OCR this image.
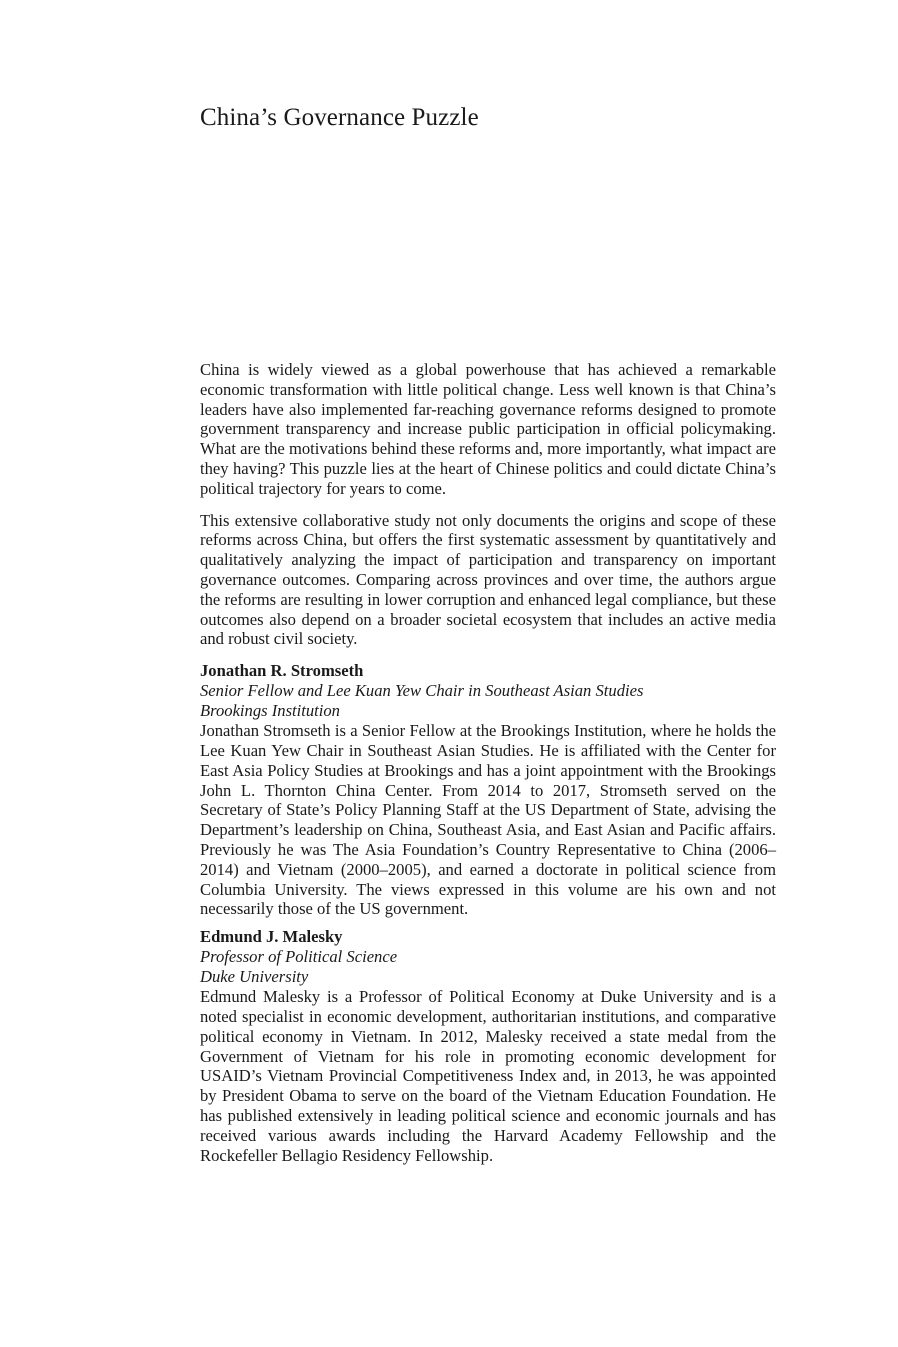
China’s Governance Puzzle

China is widely viewed as a global powerhouse that has achieved a remarkable economic transformation with little political change. Less well known is that China’s leaders have also implemented far-reaching governance reforms designed to promote government transparency and increase public participation in official policymaking. What are the motivations behind these reforms and, more importantly, what impact are they having? This puzzle lies at the heart of Chinese politics and could dictate China’s political trajectory for years to come.

This extensive collaborative study not only documents the origins and scope of these reforms across China, but offers the first systematic assessment by quantitatively and qualitatively analyzing the impact of participation and transparency on important governance outcomes. Comparing across provinces and over time, the authors argue the reforms are resulting in lower corruption and enhanced legal compliance, but these outcomes also depend on a broader societal ecosystem that includes an active media and robust civil society.

Jonathan R. Stromseth

Senior Fellow and Lee Kuan Yew Chair in Southeast Asian Studies

Brookings Institution

Jonathan Stromseth is a Senior Fellow at the Brookings Institution, where he holds the Lee Kuan Yew Chair in Southeast Asian Studies. He is affiliated with the Center for East Asia Policy Studies at Brookings and has a joint appointment with the Brookings John L. Thornton China Center. From 2014 to 2017, Stromseth served on the Secretary of State’s Policy Planning Staff at the US Department of State, advising the Department’s leadership on China, Southeast Asia, and East Asian and Pacific affairs. Previously he was The Asia Foundation’s Country Representative to China (2006–2014) and Vietnam (2000–2005), and earned a doctorate in political science from Columbia University. The views expressed in this volume are his own and not necessarily those of the US government.

Edmund J. Malesky

Professor of Political Science

Duke University

Edmund Malesky is a Professor of Political Economy at Duke University and is a noted specialist in economic development, authoritarian institutions, and comparative political economy in Vietnam. In 2012, Malesky received a state medal from the Government of Vietnam for his role in promoting economic development for USAID’s Vietnam Provincial Competitiveness Index and, in 2013, he was appointed by President Obama to serve on the board of the Vietnam Education Foundation. He has published extensively in leading political science and economic journals and has received various awards including the Harvard Academy Fellowship and the Rockefeller Bellagio Residency Fellowship.
